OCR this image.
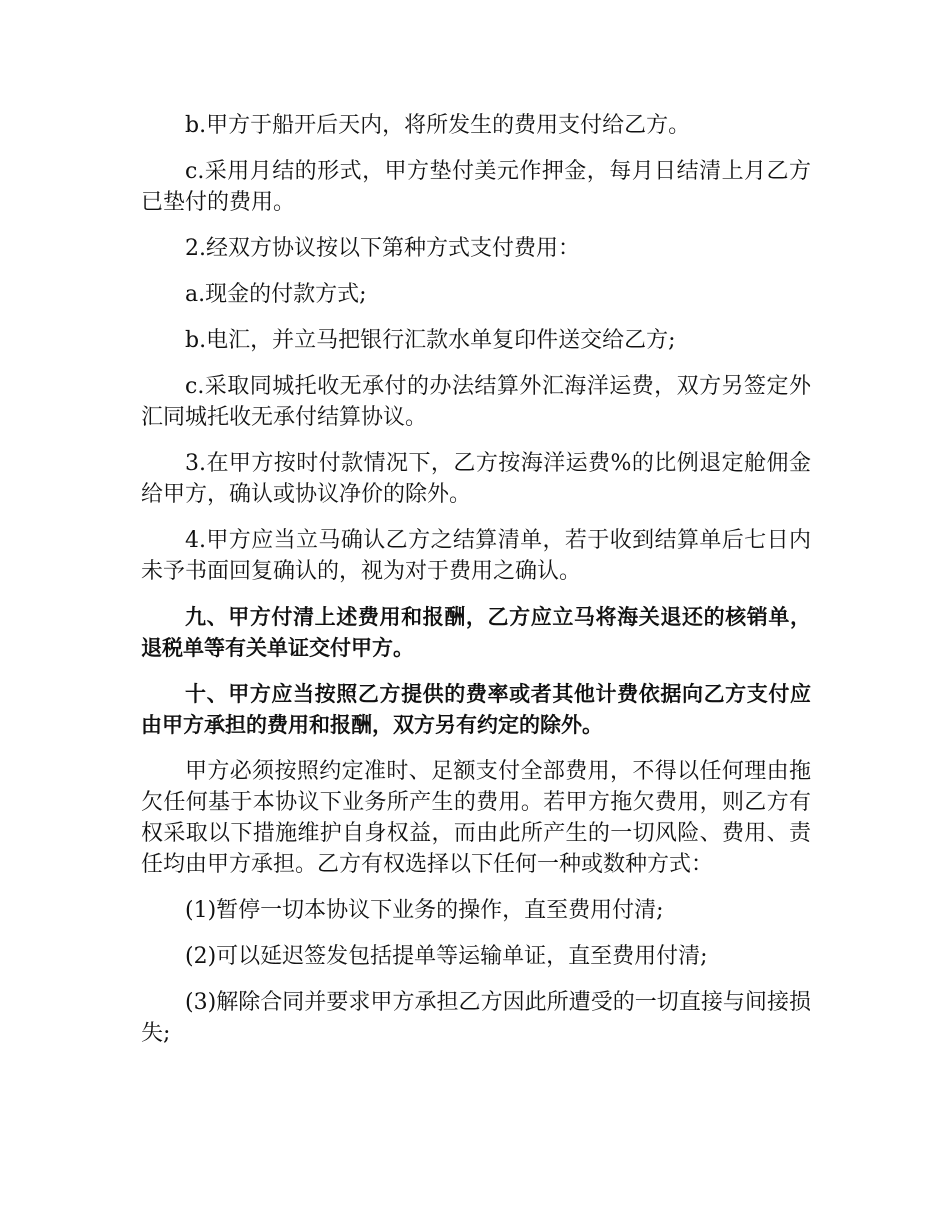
b.甲方于船开后天内，将所发生的费用支付给乙方。

c.采用月结的形式，甲方垫付美元作押金，每月日结清上月乙方已垫付的费用。

2.经双方协议按以下第种方式支付费用：

a.现金的付款方式;

b.电汇，并立马把银行汇款水单复印件送交给乙方;

c.采取同城托收无承付的办法结算外汇海洋运费，双方另签定外汇同城托收无承付结算协议。

3.在甲方按时付款情况下，乙方按海洋运费%的比例退定舱佣金给甲方，确认或协议净价的除外。

4.甲方应当立马确认乙方之结算清单，若于收到结算单后七日内未予书面回复确认的，视为对于费用之确认。

九、甲方付清上述费用和报酬，乙方应立马将海关退还的核销单，退税单等有关单证交付甲方。

十、甲方应当按照乙方提供的费率或者其他计费依据向乙方支付应由甲方承担的费用和报酬，双方另有约定的除外。

甲方必须按照约定准时、足额支付全部费用，不得以任何理由拖欠任何基于本协议下业务所产生的费用。若甲方拖欠费用，则乙方有权采取以下措施维护自身权益，而由此所产生的一切风险、费用、责任均由甲方承担。乙方有权选择以下任何一种或数种方式：

(1)暂停一切本协议下业务的操作，直至费用付清;

(2)可以延迟签发包括提单等运输单证，直至费用付清;

(3)解除合同并要求甲方承担乙方因此所遭受的一切直接与间接损失;
